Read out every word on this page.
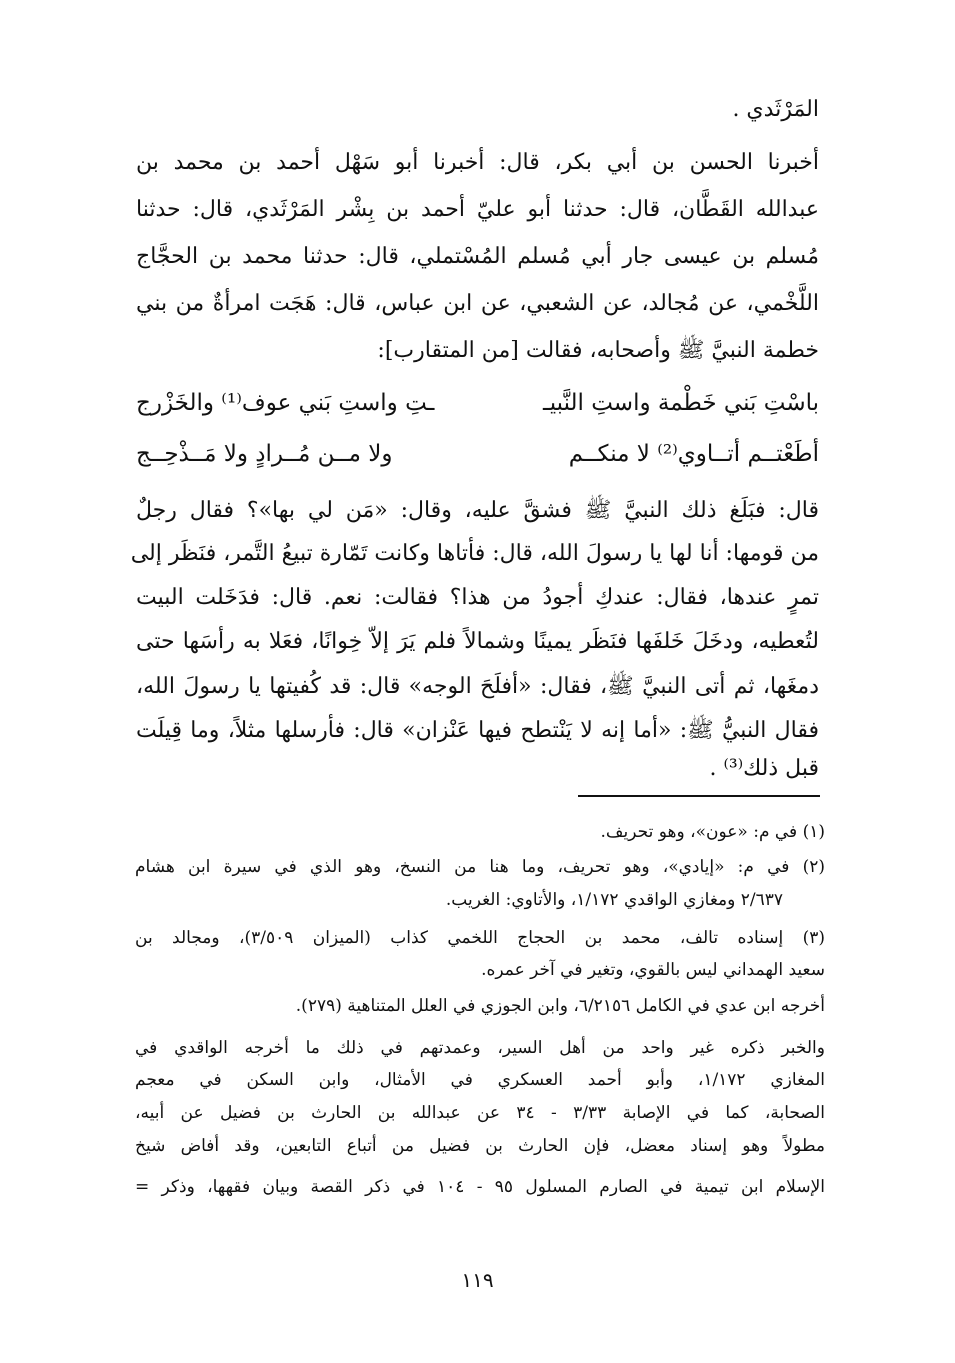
المَرْثَدي .
أخبرنا الحسن بن أبي بكر، قال: أخبرنا أبو سَهْل أحمد بن محمد بن
عبدالله القَطَّان، قال: حدثنا أبو عليّ أحمد بن بِشْر المَرْثَدي، قال: حدثنا
مُسلم بن عيسى جار أبي مُسلم المُسْتملي، قال: حدثنا محمد بن الحجَّاج
اللَّخْمي، عن مُجالد، عن الشعبي، عن ابن عباس، قال: هَجَت امرأةٌ من بني
خطمة النبيَّ ﷺ وأصحابه، فقالت [من المتقارب]:
باسْتِ بَني خَطْمة واستِ النَّبيـ
ـتِ واستِ بَني عوف⁽¹⁾ والخَزْرج
أطَعْتــم أتــاوي⁽²⁾ لا منكــم
ولا مــن مُــرادٍ ولا مَــذْحِــج
قال: فبَلَغ ذلك النبيَّ ﷺ فشقَّ عليه، وقال: «مَن لي بها»؟ فقال رجلٌ
من قومها: أنا لها يا رسولَ الله، قال: فأتاها وكانت تَمّارة تبيعُ التَّمر، فنَظَر إلى
تمرٍ عندها، فقال: عندكِ أجودُ من هذا؟ فقالت: نعم. قال: فدَخَلت البيت
لتُعطيه، ودخَلَ خَلفَها فنَظَر يمينًا وشمالاً فلم يَرَ إلاّ خِوانًا، فعَلا به رأسَها حتى
دمغَها، ثم أتى النبيَّ ﷺ، فقال: «أفلَحَ الوجه» قال: قد كُفيتها يا رسولَ الله،
فقال النبيُّ ﷺ: «أما إنه لا يَنْتطح فيها عَنْزان» قال: فأرسلها مثلاً، وما قِيلَت
قبل ذلك⁽³⁾ .
(١) في م: «عون»، وهو تحريف.
(٢) في م: «إيادي»، وهو تحريف، وما هنا من النسخ، وهو الذي في سيرة ابن هشام
٢/٦٣٧ ومغازي الواقدي ١/١٧٢، والأتاوي: الغريب.
(٣) إسناده تالف، محمد بن الحجاج اللخمي كذاب (الميزان ٣/٥٠٩)، ومجالد بن
سعيد الهمداني ليس بالقوي، وتغير في آخر عمره.
أخرجه ابن عدي في الكامل ٦/٢١٥٦، وابن الجوزي في العلل المتناهية (٢٧٩).
والخبر ذكره غير واحد من أهل السير، وعمدتهم في ذلك ما أخرجه الواقدي في
المغازي ١/١٧٢، وأبو أحمد العسكري في الأمثال، وابن السكن في معجم
الصحابة، كما في الإصابة ٣/٣٣ - ٣٤ عن عبدالله بن الحارث بن فضيل عن أبيه،
مطولاً وهو إسناد معضل، فإن الحارث بن فضيل من أتباع التابعين، وقد أفاض شيخ
الإسلام ابن تيمية في الصارم المسلول ٩٥ - ١٠٤ في ذكر القصة وبيان فقهها، وذكر =
١١٩
